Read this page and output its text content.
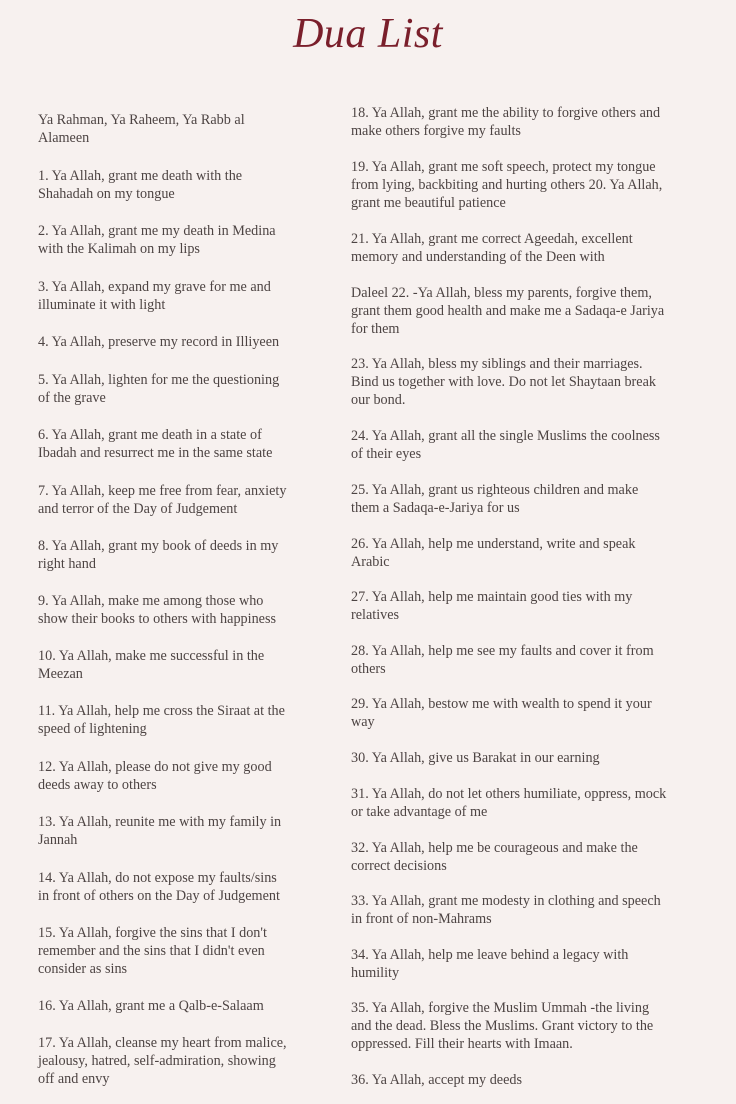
Dua List
Ya Rahman, Ya Raheem, Ya Rabb al
Alameen
1. Ya Allah, grant me death with the
Shahadah on my tongue
2. Ya Allah, grant me my death in Medina
with the Kalimah on my lips
3. Ya Allah, expand my grave for me and
illuminate it with light
4. Ya Allah, preserve my record in Illiyeen
5. Ya Allah, lighten for me the questioning
of the grave
6. Ya Allah, grant me death in a state of
Ibadah and resurrect me in the same state
7. Ya Allah, keep me free from fear, anxiety
and terror of the Day of Judgement
8. Ya Allah, grant my book of deeds in my
right hand
9. Ya Allah, make me among those who
show their books to others with happiness
10. Ya Allah, make me successful in the
Meezan
11. Ya Allah, help me cross the Siraat at the
speed of lightening
12. Ya Allah, please do not give my good
deeds away to others
13. Ya Allah, reunite me with my family in
Jannah
14. Ya Allah, do not expose my faults/sins
in front of others on the Day of Judgement
15. Ya Allah, forgive the sins that I don't
remember and the sins that I didn't even
consider as sins
16. Ya Allah, grant me a Qalb-e-Salaam
17. Ya Allah, cleanse my heart from malice,
jealousy, hatred, self-admiration, showing
off and envy
18. Ya Allah, grant me the ability to forgive others and
make others forgive my faults
19. Ya Allah, grant me soft speech, protect my tongue
from lying, backbiting and hurting others 20. Ya Allah,
grant me beautiful patience
21. Ya Allah, grant me correct Ageedah, excellent
memory and understanding of the Deen with
Daleel 22. -Ya Allah, bless my parents, forgive them,
grant them good health and make me a Sadaqa-e Jariya
for them
23. Ya Allah, bless my siblings and their marriages.
Bind us together with love. Do not let Shaytaan break
our bond.
24. Ya Allah, grant all the single Muslims the coolness
of their eyes
25. Ya Allah, grant us righteous children and make
them a Sadaqa-e-Jariya for us
26. Ya Allah, help me understand, write and speak
Arabic
27. Ya Allah, help me maintain good ties with my
relatives
28. Ya Allah, help me see my faults and cover it from
others
29. Ya Allah, bestow me with wealth to spend it your
way
30. Ya Allah, give us Barakat in our earning
31. Ya Allah, do not let others humiliate, oppress, mock
or take advantage of me
32. Ya Allah, help me be courageous and make the
correct decisions
33. Ya Allah, grant me modesty in clothing and speech
in front of non-Mahrams
34. Ya Allah, help me leave behind a legacy with
humility
35. Ya Allah, forgive the Muslim Ummah -the living
and the dead. Bless the Muslims. Grant victory to the
oppressed. Fill their hearts with Imaan.
36. Ya Allah, accept my deeds
